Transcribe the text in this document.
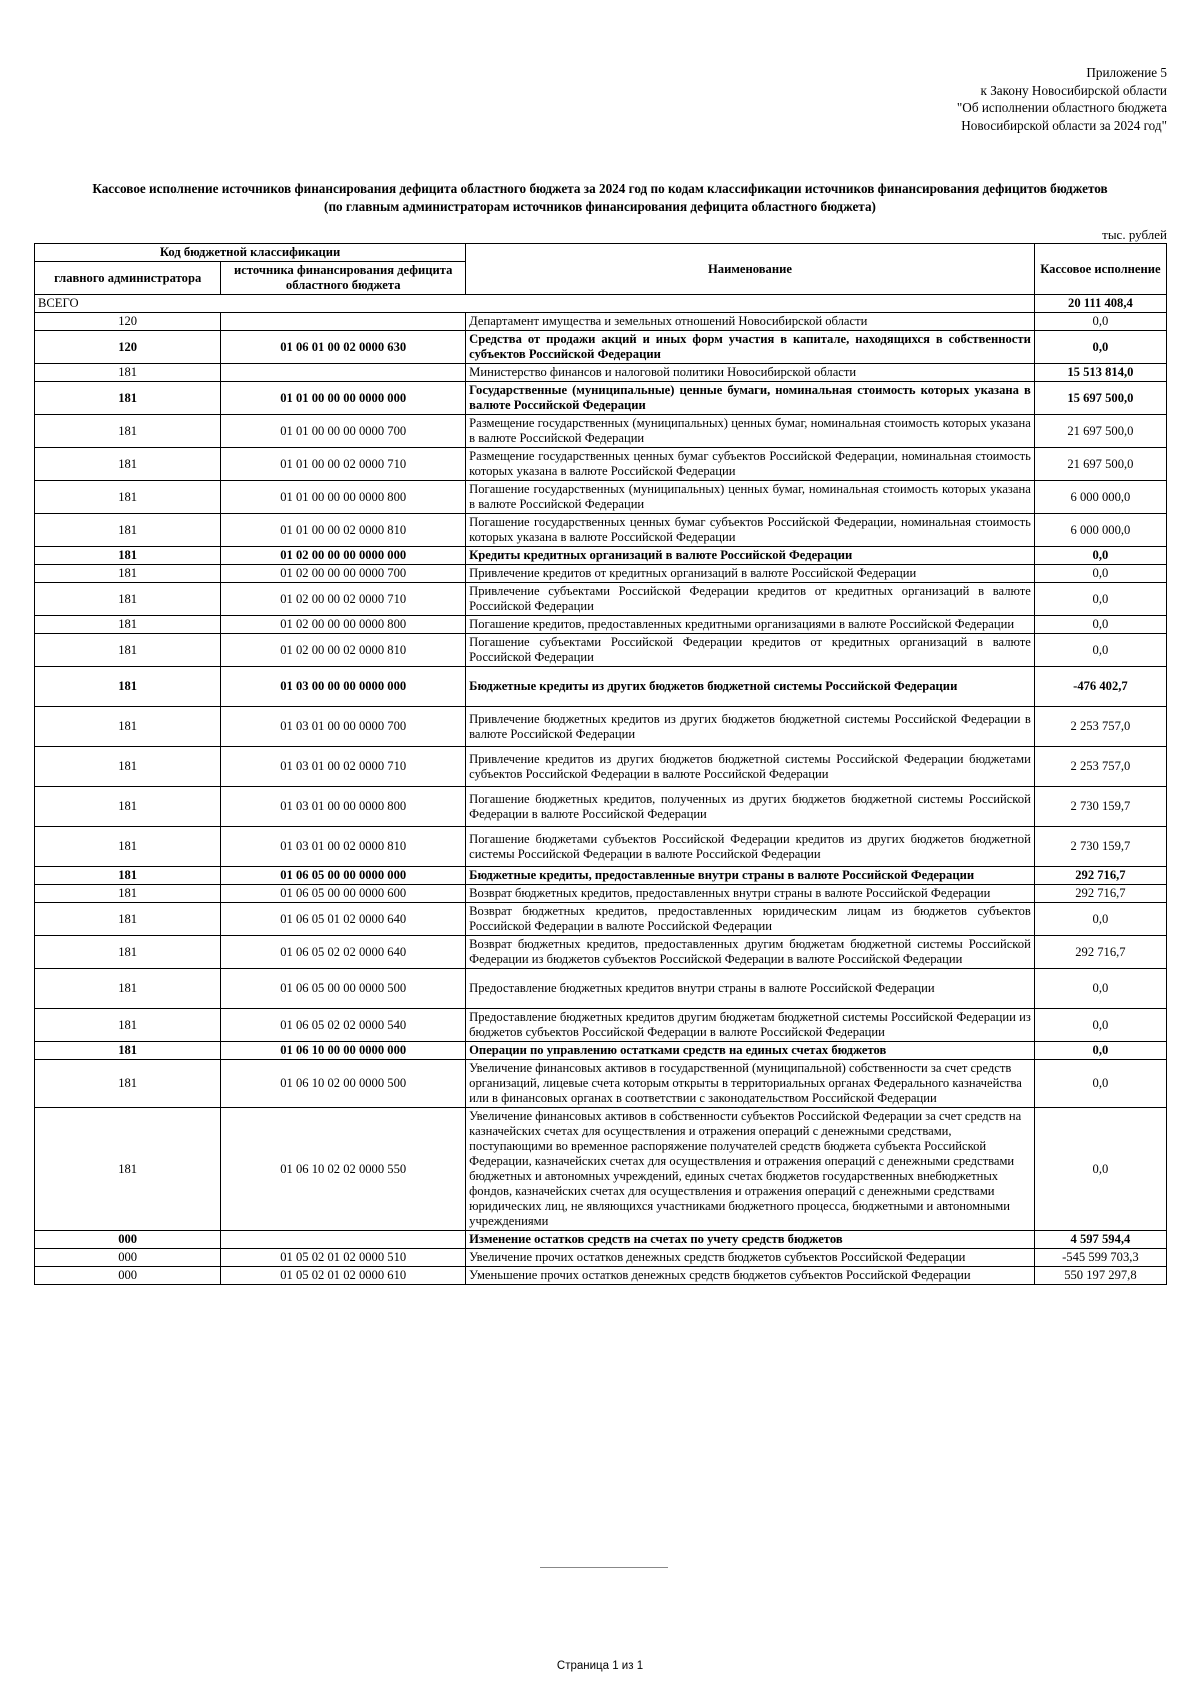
Приложение 5
к Закону Новосибирской области
"Об исполнении областного бюджета
Новосибирской области за 2024 год"
Кассовое исполнение источников финансирования дефицита областного бюджета за 2024 год по кодам классификации источников финансирования дефицитов бюджетов
(по главным администраторам источников финансирования дефицита областного бюджета)
тыс. рублей
Код бюджетной классификации		Наименование	Кассовое исполнение
главного администратора	источника финансирования дефицита областного бюджета		
ВСЕГО			20 111 408,4
120		Департамент имущества и земельных отношений Новосибирской области	0,0
120	01 06 01 00 02 0000 630	Средства от продажи акций и иных форм участия в капитале, находящихся в собственности субъектов Российской Федерации	0,0
181		Министерство финансов и налоговой политики Новосибирской области	15 513 814,0
181	01 01 00 00 00 0000 000	Государственные (муниципальные) ценные бумаги, номинальная стоимость которых указана в валюте Российской Федерации	15 697 500,0
181	01 01 00 00 00 0000 700	Размещение государственных (муниципальных) ценных бумаг, номинальная стоимость которых указана в валюте Российской Федерации	21 697 500,0
181	01 01 00 00 02 0000 710	Размещение государственных ценных бумаг субъектов Российской Федерации, номинальная стоимость которых указана в валюте Российской Федерации	21 697 500,0
181	01 01 00 00 00 0000 800	Погашение государственных (муниципальных) ценных бумаг, номинальная стоимость которых указана в валюте Российской Федерации	6 000 000,0
181	01 01 00 00 02 0000 810	Погашение государственных ценных бумаг субъектов Российской Федерации, номинальная стоимость которых указана в валюте Российской Федерации	6 000 000,0
181	01 02 00 00 00 0000 000	Кредиты кредитных организаций в валюте Российской Федерации	0,0
181	01 02 00 00 00 0000 700	Привлечение кредитов от кредитных организаций в валюте Российской Федерации	0,0
181	01 02 00 00 02 0000 710	Привлечение субъектами Российской Федерации кредитов от кредитных организаций в валюте Российской Федерации	0,0
181	01 02 00 00 00 0000 800	Погашение кредитов, предоставленных кредитными организациями в валюте Российской Федерации	0,0
181	01 02 00 00 02 0000 810	Погашение субъектами Российской Федерации кредитов от кредитных организаций в валюте Российской Федерации	0,0
181	01 03 00 00 00 0000 000	Бюджетные кредиты из других бюджетов бюджетной системы Российской Федерации	-476 402,7
181	01 03 01 00 00 0000 700	Привлечение бюджетных кредитов из других бюджетов бюджетной системы Российской Федерации в валюте Российской Федерации	2 253 757,0
181	01 03 01 00 02 0000 710	Привлечение кредитов из других бюджетов бюджетной системы Российской Федерации бюджетами субъектов Российской Федерации в валюте Российской Федерации	2 253 757,0
181	01 03 01 00 00 0000 800	Погашение бюджетных кредитов, полученных из других бюджетов бюджетной системы Российской Федерации в валюте Российской Федерации	2 730 159,7
181	01 03 01 00 02 0000 810	Погашение бюджетами субъектов Российской Федерации кредитов из других бюджетов бюджетной системы Российской Федерации в валюте Российской Федерации	2 730 159,7
181	01 06 05 00 00 0000 000	Бюджетные кредиты, предоставленные внутри страны в валюте Российской Федерации	292 716,7
181	01 06 05 00 00 0000 600	Возврат бюджетных кредитов, предоставленных внутри страны в валюте Российской Федерации	292 716,7
181	01 06 05 01 02 0000 640	Возврат бюджетных кредитов, предоставленных юридическим лицам из бюджетов субъектов Российской Федерации в валюте Российской Федерации	0,0
181	01 06 05 02 02 0000 640	Возврат бюджетных кредитов, предоставленных другим бюджетам бюджетной системы Российской Федерации из бюджетов субъектов Российской Федерации в валюте Российской Федерации	292 716,7
181	01 06 05 00 00 0000 500	Предоставление бюджетных кредитов внутри страны в валюте Российской Федерации	0,0
181	01 06 05 02 02 0000 540	Предоставление бюджетных кредитов другим бюджетам бюджетной системы Российской Федерации из бюджетов субъектов Российской Федерации в валюте Российской Федерации	0,0
181	01 06 10 00 00 0000 000	Операции по управлению остатками средств на единых счетах бюджетов	0,0
181	01 06 10 02 00 0000 500	Увеличение финансовых активов в государственной (муниципальной) собственности за счет средств организаций, лицевые счета которым открыты в территориальных органах Федерального казначейства или в финансовых органах в соответствии с законодательством Российской Федерации	0,0
181	01 06 10 02 02 0000 550	Увеличение финансовых активов в собственности субъектов Российской Федерации за счет средств на казначейских счетах для осуществления и отражения операций с денежными средствами, поступающими во временное распоряжение получателей средств бюджета субъекта Российской Федерации, казначейских счетах для осуществления и отражения операций с денежными средствами бюджетных и автономных учреждений, единых счетах бюджетов государственных внебюджетных фондов, казначейских счетах для осуществления и отражения операций с денежными средствами юридических лиц, не являющихся участниками бюджетного процесса, бюджетными и автономными учреждениями	0,0
000		Изменение остатков средств на счетах по учету средств бюджетов	4 597 594,4
000	01 05 02 01 02 0000 510	Увеличение прочих остатков денежных средств бюджетов субъектов Российской Федерации	-545 599 703,3
000	01 05 02 01 02 0000 610	Уменьшение прочих остатков денежных средств бюджетов субъектов Российской Федерации	550 197 297,8
Страница 1 из 1
